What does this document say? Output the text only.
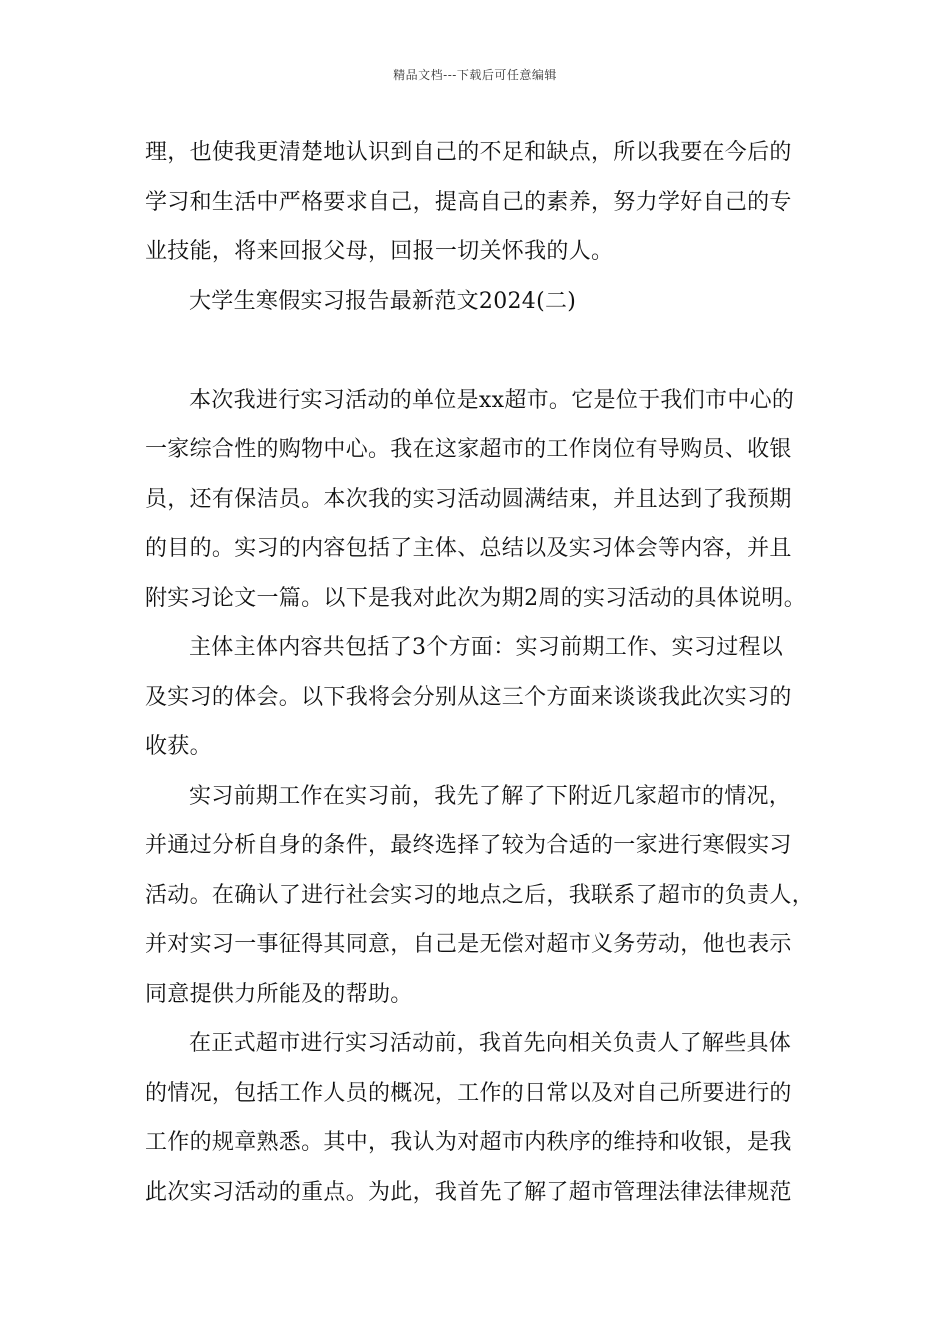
精品文档---下载后可任意编辑
理，也使我更清楚地认识到自己的不足和缺点，所以我要在今后的
学习和生活中严格要求自己，提高自己的素养，努力学好自己的专
业技能，将来回报父母，回报一切关怀我的人。
大学生寒假实习报告最新范文2024(二)
本次我进行实习活动的单位是xx超市。它是位于我们市中心的
一家综合性的购物中心。我在这家超市的工作岗位有导购员、收银
员，还有保洁员。本次我的实习活动圆满结束，并且达到了我预期
的目的。实习的内容包括了主体、总结以及实习体会等内容，并且
附实习论文一篇。以下是我对此次为期2周的实习活动的具体说明。
主体主体内容共包括了3个方面：实习前期工作、实习过程以
及实习的体会。以下我将会分别从这三个方面来谈谈我此次实习的
收获。
实习前期工作在实习前，我先了解了下附近几家超市的情况，
并通过分析自身的条件，最终选择了较为合适的一家进行寒假实习
活动。在确认了进行社会实习的地点之后，我联系了超市的负责人，
并对实习一事征得其同意，自己是无偿对超市义务劳动，他也表示
同意提供力所能及的帮助。
在正式超市进行实习活动前，我首先向相关负责人了解些具体
的情况，包括工作人员的概况，工作的日常以及对自己所要进行的
工作的规章熟悉。其中，我认为对超市内秩序的维持和收银，是我
此次实习活动的重点。为此，我首先了解了超市管理法律法律规范
